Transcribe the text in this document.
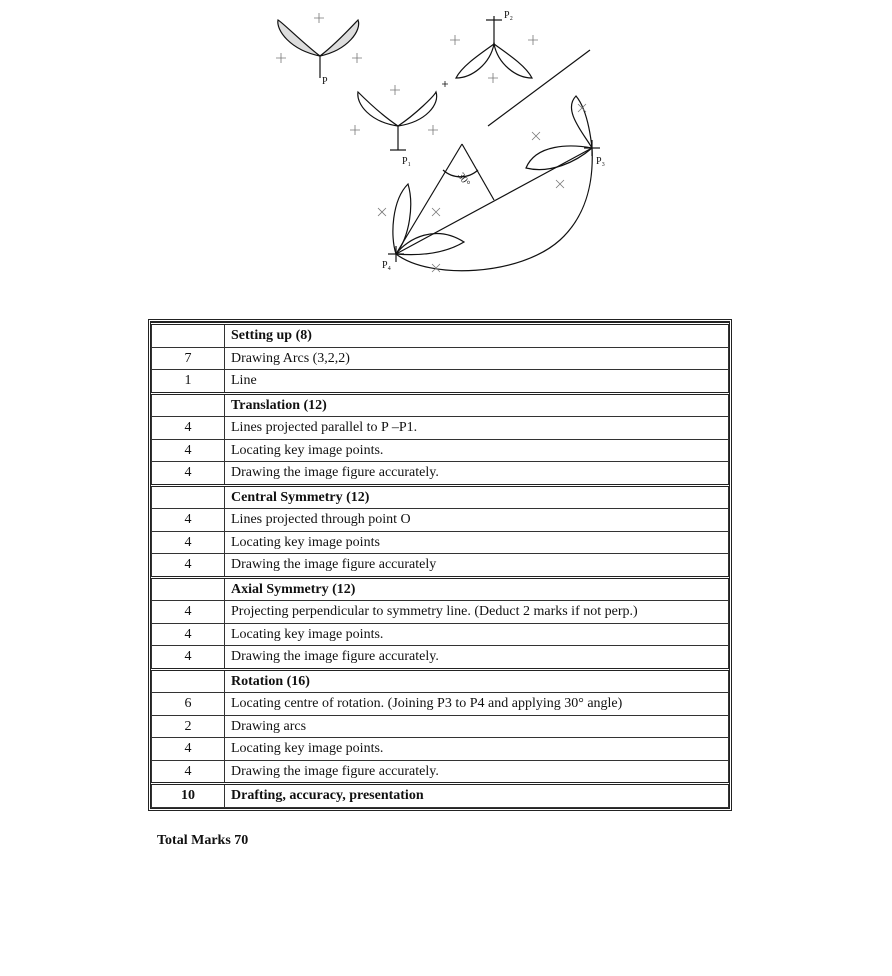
P
P₁
P₂
P₃
P₄
30°
	Setting up (8)
7	Drawing Arcs (3,2,2)
1	Line
	Translation (12)
4	Lines projected parallel to P –P1.
4	Locating key image points.
4	Drawing the image figure accurately.
	Central Symmetry (12)
4	Lines projected through point O
4	Locating key image points
4	Drawing the image figure accurately
	Axial Symmetry (12)
4	Projecting perpendicular to symmetry line. (Deduct 2 marks if not perp.)
4	Locating key image points.
4	Drawing the image figure accurately.
	Rotation (16)
6	Locating centre of rotation. (Joining P3 to P4 and applying 30° angle)
2	Drawing arcs
4	Locating key image points.
4	Drawing the image figure accurately.
10	Drafting, accuracy, presentation
Total Marks 70
